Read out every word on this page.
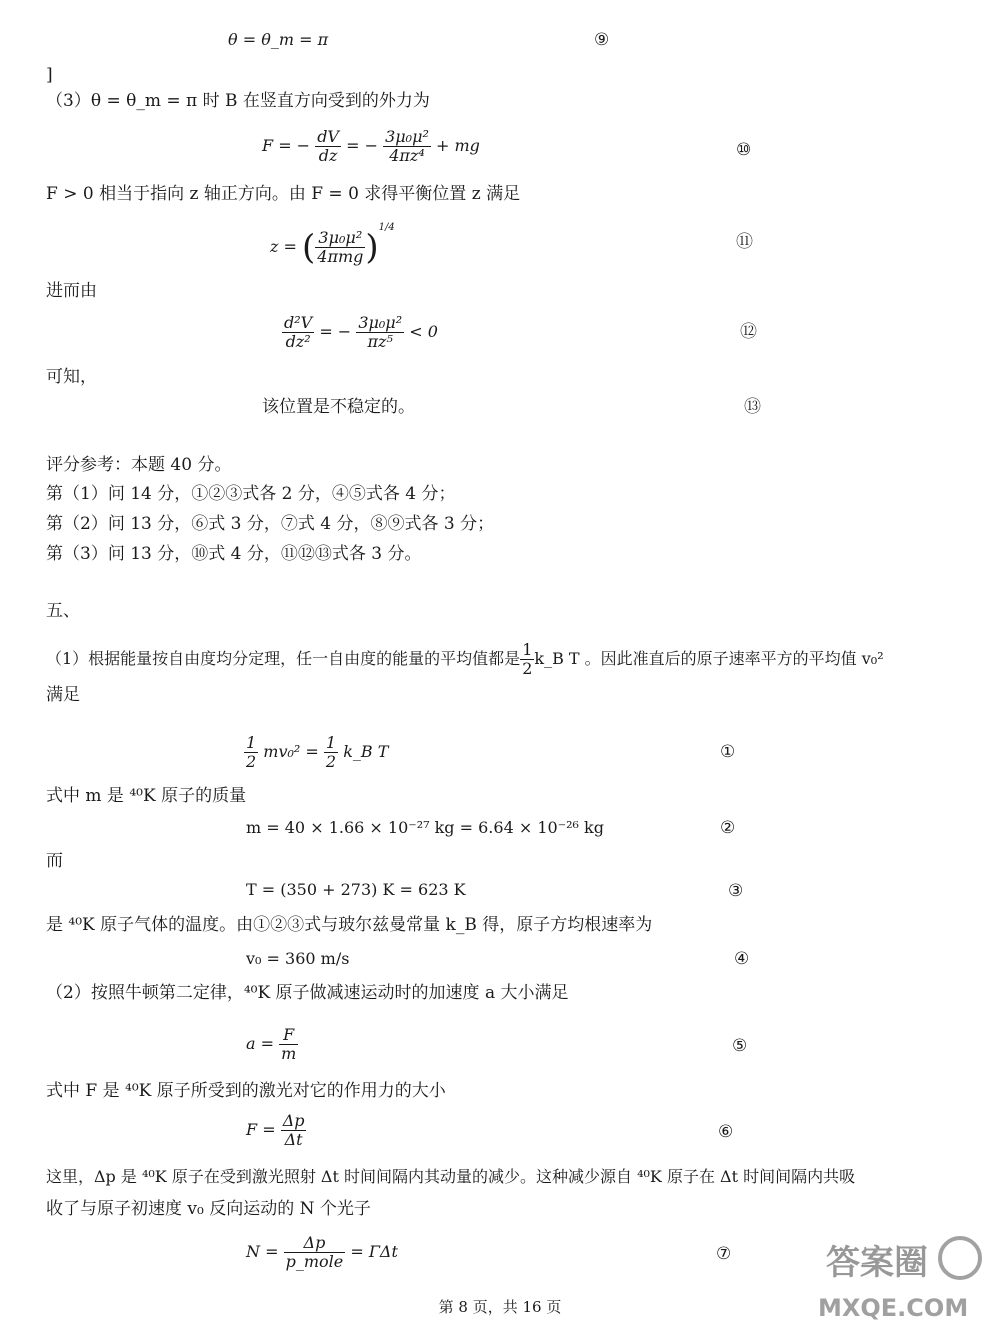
θ = θ_m = π	⑨
]
（3）θ = θ_m = π 时 B 在竖直方向受到的外力为
F = − $\frac{dV}{dz}$ = − $\frac{\text{3μ₀μ²}}{\text{4πz⁴}}$ + mg	⑩
F > 0 相当于指向 z 轴正方向。由 F = 0 求得平衡位置 z 满足
z = ( $\frac{\text{3μ₀μ²}}{\text{4πmg}} )^{1/4}$
⑪
进而由
$\frac{\text{d²V}}{\text{dz²}}$ = − $\frac{\text{3μ₀μ²}}{\text{πz⁵}} < 0$	⑫
可知，
该位置是不稳定的。	⑬
评分参考：本题 40 分。
第（1）问 14 分，①②③式各 2 分，④⑤式各 4 分；
第（2）问 13 分，⑥式 3 分，⑦式 4 分，⑧⑨式各 3 分；
第（3）问 13 分，⑩式 4 分，⑪⑫⑬式各 3 分。
五、
（1）根据能量按自由度均分定理，任一自由度的能量的平均值都是 $\frac{1}{2}$ k_B T 。因此准直后的原子速率平方的平均值 v₀²
满足
$\frac{1}{2} mv_0^2 = \frac{1}{2}$ k_B T	①
式中 m 是 ⁴⁰K 原子的质量
m = 40 × 1.66 × 10⁻²⁷ kg = 6.64 × 10⁻²⁶ kg	②
而
T = (350 + 273) K = 623 K	③
是 ⁴⁰K 原子气体的温度。由①②③式与玻尔兹曼常量 k_B 得，原子方均根速率为
v₀ = 360 m/s	④
（2）按照牛顿第二定律，⁴⁰K 原子做减速运动时的加速度 a 大小满足
$a = \frac{F}{m}$	⑤
式中 F 是 ⁴⁰K 原子所受到的激光对它的作用力的大小
$F = \frac{\Delta p}{\Delta t}$	⑥
这里，Δp 是 ⁴⁰K 原子在受到激光照射 Δt 时间间隔内其动量的减少。这种减少源自 ⁴⁰K 原子在 Δt 时间间隔内共吸
收了与原子初速度 v₀ 反向运动的 N 个光子
$N = \frac{\Delta p}{\text{p\_mole}} = \Gamma\Delta t$	⑦
第 8 页，共 16 页
答案圈
MXQE.COM
